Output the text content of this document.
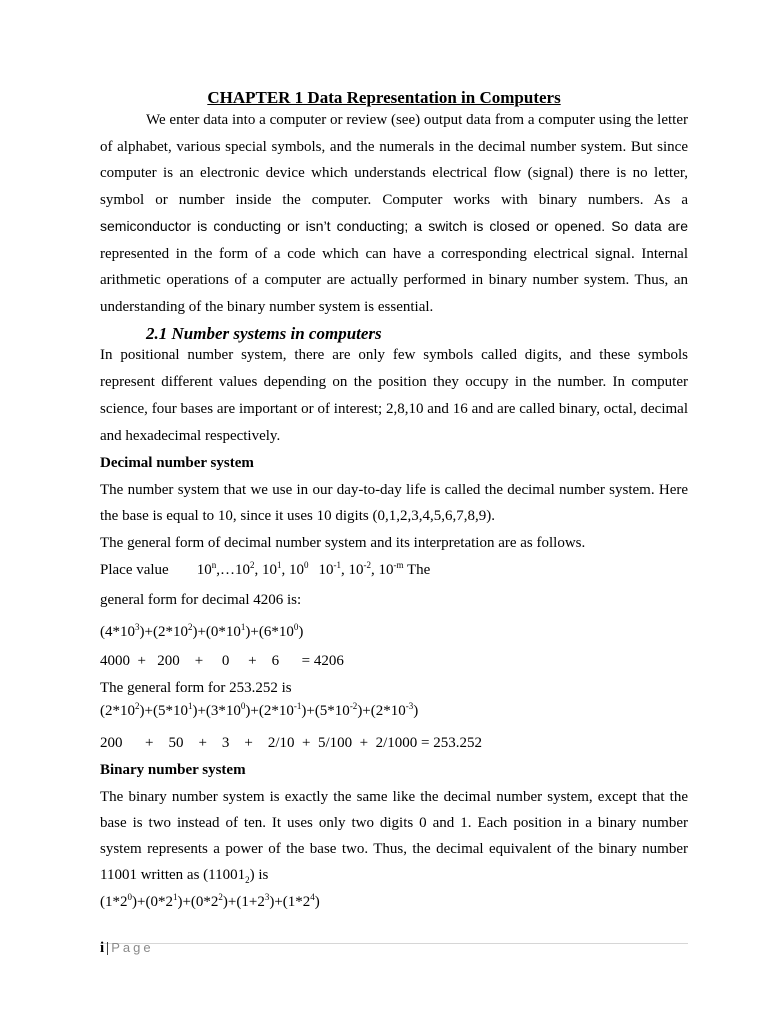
CHAPTER 1 Data Representation in Computers
We enter data into a computer or review (see) output data from a computer using the letter of alphabet, various special symbols, and the numerals in the decimal number system. But since computer is an electronic device which understands electrical flow (signal) there is no letter, symbol or number inside the computer. Computer works with binary numbers. As a semiconductor is conducting or isn’t conducting; a switch is closed or opened. So data are represented in the form of a code which can have a corresponding electrical signal. Internal arithmetic operations of a computer are actually performed in binary number system. Thus, an understanding of the binary number system is essential.
2.1 Number systems in computers
In positional number system, there are only few symbols called digits, and these symbols represent different values depending on the position they occupy in the number. In computer science, four bases are important or of interest; 2,8,10 and 16 and are called binary, octal, decimal and hexadecimal respectively.
Decimal number system
The number system that we use in our day-to-day life is called the decimal number system. Here the base is equal to 10, since it uses 10 digits (0,1,2,3,4,5,6,7,8,9).
The general form of decimal number system and its interpretation are as follows.
Place value $10^n,\dots 10^2$, $10^1$, $10^0$ $10^{-1}$, $10^{-2}$, $10^{-m}$ The
general form for decimal 4206 is:
$(4*10^3)+(2*10^2)+(0*10^1)+(6*10^0)$
4000  +   200    +     0     +    6      = 4206
The general form for 253.252 is
$(2*10^2)+(5*10^1)+(3*10^0)+(2*10^{-1})+(5*10^{-2})+(2*10^{-3})$
200      +    50    +    3    +    2/10  +  5/100  +  2/1000 = 253.252
Binary number system
The binary number system is exactly the same like the decimal number system, except that the base is two instead of ten. It uses only two digits 0 and 1. Each position in a binary number system represents a power of the base two. Thus, the decimal equivalent of the binary number 11001 written as $(11001_2)$ is
$(1*2^0)+(0*2^1)+(0*2^2)+(1+2^3)+(1*2^4)$
i | Page
